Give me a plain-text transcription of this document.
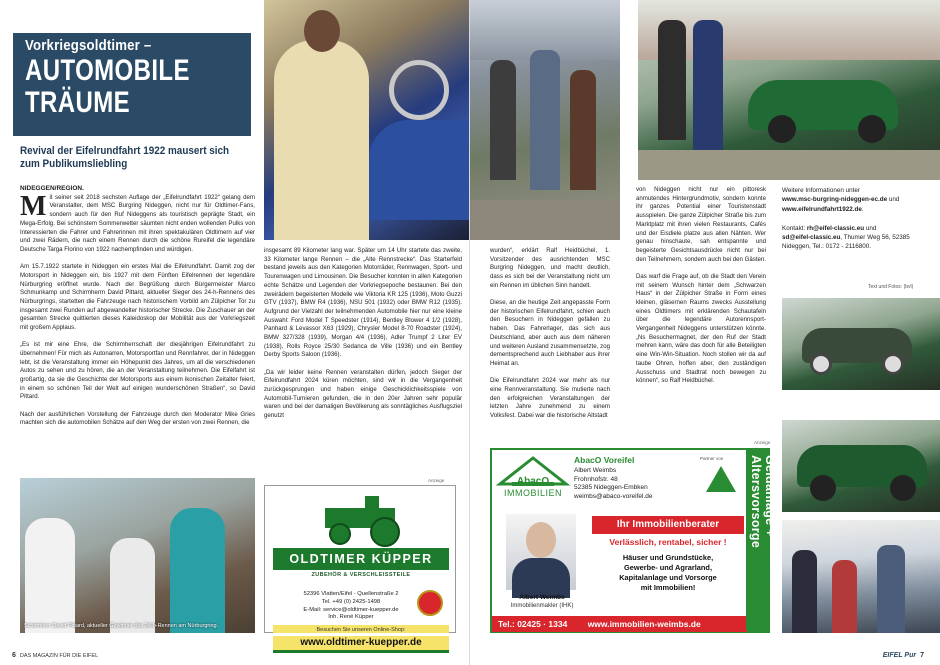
Vorkriegsoldtimer –
AUTOMOBILE
TRÄUME
Revival der Eifelrundfahrt 1922 mausert sich zum Publikumsliebling

NIDEGGEN/REGION.

M it seiner seit 2018 sechsten Auflage der „Eifelrundfahrt 1922“ gelang dem Veranstalter, dem MSC Burgring Nideggen, nicht nur für Oldtimer-Fans, sondern auch für den Ruf Nideggens als touristisch geprägte Stadt, ein Mega-Erfolg. Bei schönstem Sommerwetter säumten nicht enden wollenden Pulks von Interessierten die Fahrer und Fahrerinnen mit ihren spektakulären Oldtimern auf vier und zwei Rädern, die nach einem Rennen durch die schöne Rureifel die legendäre Deutsche Targa Florino von 1922 nachempfinden und würdigen.

Am 15.7.1922 startete in Nideggen ein erstes Mal die Eifelrundfahrt. Damit zog der Motorsport in Nideggen ein, bis 1927 mit dem Fünften Eifelrennen der legendäre Nürburgring eröffnet wurde. Nach der Begrüßung durch Bürgermeister Marco Schmunkamp und Schirmherrn David Pittard, aktueller Sieger des 24-h-Rennens des Nürburgrings, startetten die Fahrzeuge nach historischem Vorbild am Zülpicher Tor zu insgesamt zwei Runden auf abgewandelter historischer Strecke. Die Zuschauer an der gesamten Strecke quittierten dieses Kaleidoskop der Mobilität aus der Vorkriegszeit mit großem Applaus.

„Es ist mir eine Ehre, die Schirmherrschaft der diesjährigen Eifelrundfahrt zu übernehmen! Für mich als Autonarren, Motorsportfan und Rennfahrer, der in Nideggen lebt, ist die Veranstaltung immer ein Höhepunkt des Jahres, um all die verschiedenen Autos zu sehen und zu hören, die an der Veranstaltung teilnehmen. Die Eifelfahrt ist großartig, da sie die Geschichte der Motorsports aus einem ikonischen Zeitalter feiert, in einem so schönen Teil der Welt auf einigen wunderschönen Straßen“, so David Pittard.

Nach der ausführlichen Vorstellung der Fahrzeuge durch den Moderator Mike Gries machten sich die automobilen Schätze auf den Weg der ersten von zwei Rennen, die

insgesamt 89 Kilometer lang war. Später um 14 Uhr startete das zweite, 33 Kilometer lange Rennen – die „Alte Rennstrecke“. Das Starterfeld bestand jeweils aus den Kategorien Motorräder, Rennwagen, Sport- und Tourenwagen und Limousinen. Die Besucher konnten in allen Kategorien echte Schätze und Legenden der Vorkriegsepoche bestaunen. Bei den zweirädern begeisterten Modelle wie Viktoria KR 125 (1936), Moto Guzzi GTV (1937), BMW R4 (1936), NSU 501 (1932) oder BMW R12 (1935). Aufgrund der Vielzahl der teilnehmenden Automobile hier nur eine kleine Auswahl: Ford Model T Speedster (1914), Bentley Blower 4 1/2 (1928), Panhard & Levassor X63 (1929), Chrysler Model 8-70 Roadster (1924), BMW 327/328 (1939), Morgan 4/4 (1936), Adler Trumpf 2 Liter EV (1938), Rolls Royce 25/30 Sedanca de Ville (1936) und ein Bentley Derby Sports Saloon (1936).

„Da wir leider keine Rennen veranstalten dürfen, jedoch Sieger der Eifelrundfahrt 2024 küren möchten, sind wir in die Vergangenheit zurückgesprungen und haben einige Geschicklichkeitsspiele von Automobil-Turnieren gefunden, die in den 20er Jahren sehr populär waren und bei der damaligen Bevölkerung als sonntägliches Ausflugsziel genutzt

Anzeige
OLDTIMER KÜPPER
ZUBEHÖR & VERSCHLEISSTEILE
52396 Vlatten/Eifel - Quellenstraße 2
Tel. +49 (0) 2425-1498
E-Mail: service@oldtimer-kuepper.de
Inh. René Küpper
Besuchen Sie unseren Online-Shop:
www.oldtimer-kuepper.de
Schirmherr David Pittard, aktueller Gewinner des 24-h-Rennen am Nürburgring.
6 DAS MAGAZIN FÜR DIE EIFEL

wurden“, erklärt Ralf Heidbüchel, 1. Vorsitzender des ausrichtenden MSC Burgring Nideggen, und macht deutlich, dass es sich bei der Veranstaltung nicht um ein Rennen im üblichen Sinn handelt.

Diese, an die heutige Zeit angepasste Form der historischen Eifelrundfahrt, schien auch den Besuchern in Nideggen gefallen zu haben. Das Fahrerlager, das sich aus Deutschland, aber auch aus dem näheren und weiteren Ausland zusammensetzte, zog dementsprechend auch Liebhaber aus ihrer Heimat an.

Die Eifelrundfahrt 2024 war mehr als nur eine Rennveranstaltung. Sie mutierte nach den erfolgreichen Veranstaltungen der letzten Jahre zunehmend zu einem Volksfest. Dabei war die historische Altstadt

von Nideggen nicht nur ein pittoresk anmutendes Hintergrundmotiv, sondern konnte ihr ganzes Potential einer Touristenstadt ausspielen. Die ganze Zülpicher Straße bis zum Marktplatz mit ihren vielen Restaurants, Cafés und der Eisdiele platze aus allen Nähten. Wer genau hinschaute, sah entspannte und begeisterte Gesichtsausdrücke nicht nur bei den Teilnehmern, sondern auch bei den Gästen.

Das warf die Frage auf, ob die Stadt den Verein mit seinem Wunsch hinter dem „Schwarzen Haus“ in der Zülpicher Straße in Form eines kleinen, gläsernen Raums zwecks Ausstellung eines Oldtimers mit erklärenden Schautafeln über die legendäre Autorennsport-Vergangenheit Nideggens unterstützen könnte. „Ns Besuchermagnet, der den Ruf der Stadt mehren kann, wäre das doch für alle Beteiligten eine Win-Win-Situation. Noch stollen wir da auf taube Ohren, hoffen aber, den zuständigen Ausschuss und Stadtrat noch bewegen zu können“, so Ralf Heidbüchel.

Weitere Informationen unter
www.msc-burgring-nideggen-ec.de und
www.eifelrundfahrt1922.de.

Kontakt: rh@eifel-classic.eu und
sd@eifel-classic.eu, Thumer Weg 56, 52385 Nideggen, Tel.: 0172 - 2116800.
Text und Fotos: (bvl)
Anzeige
AbacO
IMMOBILIEN
AbacO Voreifel
Albert Weimbs
Frohnhofstr. 48
52385 Nideggen-Embken
weimbs@abaco-voreifel.de
Partner von
DIV
Ihr Immobilienberater
Verlässlich, rentabel, sicher !
Häuser und Grundstücke,
Gewerbe- und Agrarland,
Kapitalanlage und Vorsorge
mit Immobilien!
Albert Weimbs
Immobilienmakler (IHK)
Tel.: 02425 · 1334 www.immobilien-weimbs.de
Geldanlage + Altersvorsorge
EIFEL Pur 7
